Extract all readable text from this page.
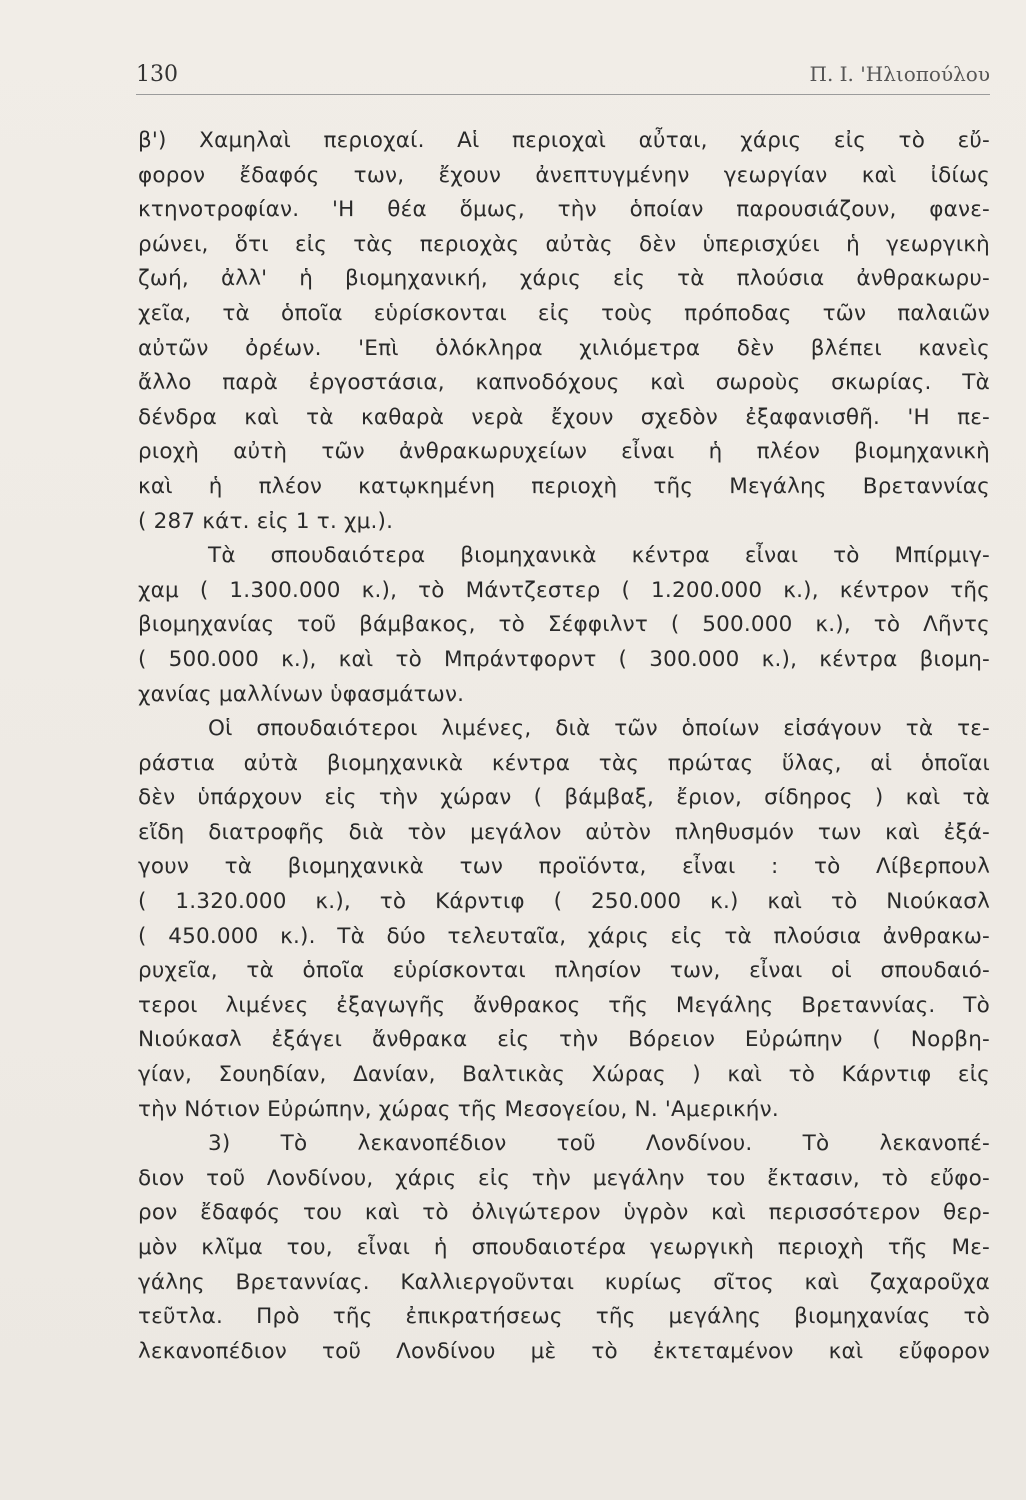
130	Π. Ι. 'Ηλιοπούλου
β') Χαμηλαὶ περιοχαί. Αἱ περιοχαὶ αὖται, χάρις εἰς τὸ εὔ-
φορον ἔδαφός των, ἔχουν ἀνεπτυγμένην γεωργίαν καὶ ἰδίως
κτηνοτροφίαν. 'Η θέα ὅμως, τὴν ὁποίαν παρουσιάζουν, φανε-
ρώνει, ὅτι εἰς τὰς περιοχὰς αὐτὰς δὲν ὑπερισχύει ἡ γεωργικὴ
ζωή, ἀλλ' ἡ βιομηχανική, χάρις εἰς τὰ πλούσια ἀνθρακωρυ-
χεῖα, τὰ ὁποῖα εὑρίσκονται εἰς τοὺς πρόποδας τῶν παλαιῶν
αὐτῶν ὀρέων. 'Επὶ ὁλόκληρα χιλιόμετρα δὲν βλέπει κανεὶς
ἄλλο παρὰ ἐργοστάσια, καπνοδόχους καὶ σωροὺς σκωρίας. Τὰ
δένδρα καὶ τὰ καθαρὰ νερὰ ἔχουν σχεδὸν ἐξαφανισθῆ. 'Η πε-
ριοχὴ αὐτὴ τῶν ἀνθρακωρυχείων εἶναι ἡ πλέον βιομηχανικὴ
καὶ ἡ πλέον κατῳκημένη περιοχὴ τῆς Μεγάλης Βρεταννίας
( 287 κάτ. εἰς 1 τ. χμ.).
Τὰ σπουδαιότερα βιομηχανικὰ κέντρα εἶναι τὸ Μπίρμιγ-
χαμ ( 1.300.000 κ.), τὸ Μάντζεστερ ( 1.200.000 κ.), κέντρον τῆς
βιομηχανίας τοῦ βάμβακος, τὸ Σέφφιλντ ( 500.000 κ.), τὸ Λῆντς
( 500.000 κ.), καὶ τὸ Μπράντφορντ ( 300.000 κ.), κέντρα βιομη-
χανίας μαλλίνων ὑφασμάτων.
Οἱ σπουδαιότεροι λιμένες, διὰ τῶν ὁποίων εἰσάγουν τὰ τε-
ράστια αὐτὰ βιομηχανικὰ κέντρα τὰς πρώτας ὕλας, αἱ ὁποῖαι
δὲν ὑπάρχουν εἰς τὴν χώραν ( βάμβαξ, ἔριον, σίδηρος ) καὶ τὰ
εἴδη διατροφῆς διὰ τὸν μεγάλον αὐτὸν πληθυσμόν των καὶ ἐξά-
γουν τὰ βιομηχανικὰ των προϊόντα, εἶναι : τὸ Λίβερπουλ
( 1.320.000 κ.), τὸ Κάρντιφ ( 250.000 κ.) καὶ τὸ Νιούκασλ
( 450.000 κ.). Τὰ δύο τελευταῖα, χάρις εἰς τὰ πλούσια ἀνθρακω-
ρυχεῖα, τὰ ὁποῖα εὑρίσκονται πλησίον των, εἶναι οἱ σπουδαιό-
τεροι λιμένες ἐξαγωγῆς ἄνθρακος τῆς Μεγάλης Βρεταννίας. Τὸ
Νιούκασλ ἐξάγει ἄνθρακα εἰς τὴν Βόρειον Εὐρώπην ( Νορβη-
γίαν, Σουηδίαν, Δανίαν, Βαλτικὰς Χώρας ) καὶ τὸ Κάρντιφ εἰς
τὴν Νότιον Εὐρώπην, χώρας τῆς Μεσογείου, Ν. 'Αμερικήν.
3) Τὸ λεκανοπέδιον τοῦ Λονδίνου. Τὸ λεκανοπέ-
διον τοῦ Λονδίνου, χάρις εἰς τὴν μεγάλην του ἔκτασιν, τὸ εὔφο-
ρον ἔδαφός του καὶ τὸ ὀλιγώτερον ὑγρὸν καὶ περισσότερον θερ-
μὸν κλῖμα του, εἶναι ἡ σπουδαιοτέρα γεωργικὴ περιοχὴ τῆς Με-
γάλης Βρεταννίας. Καλλιεργοῦνται κυρίως σῖτος καὶ ζαχαροῦχα
τεῦτλα. Πρὸ τῆς ἐπικρατήσεως τῆς μεγάλης βιομηχανίας τὸ
λεκανοπέδιον τοῦ Λονδίνου μὲ τὸ ἐκτεταμένον καὶ εὔφορον
